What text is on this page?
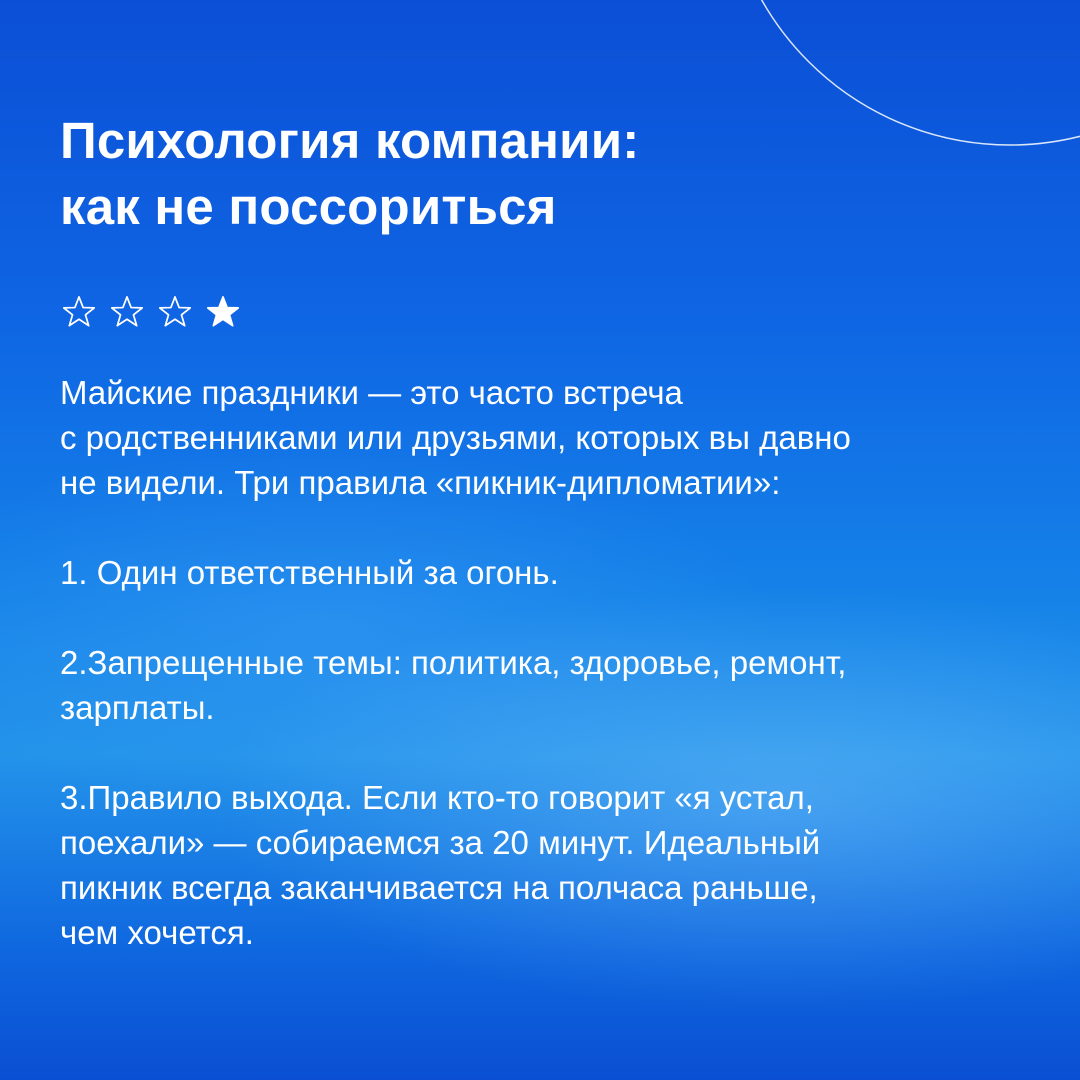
Психология компании:
как не поссориться

Майские праздники — это часто встреча
с родственниками или друзьями, которых вы давно
не видели. Три правила «пикник-дипломатии»:

1. Один ответственный за огонь.

2.Запрещенные темы: политика, здоровье, ремонт,
зарплаты.

3.Правило выхода. Если кто-то говорит «я устал,
поехали» — собираемся за 20 минут. Идеальный
пикник всегда заканчивается на полчаса раньше,
чем хочется.
